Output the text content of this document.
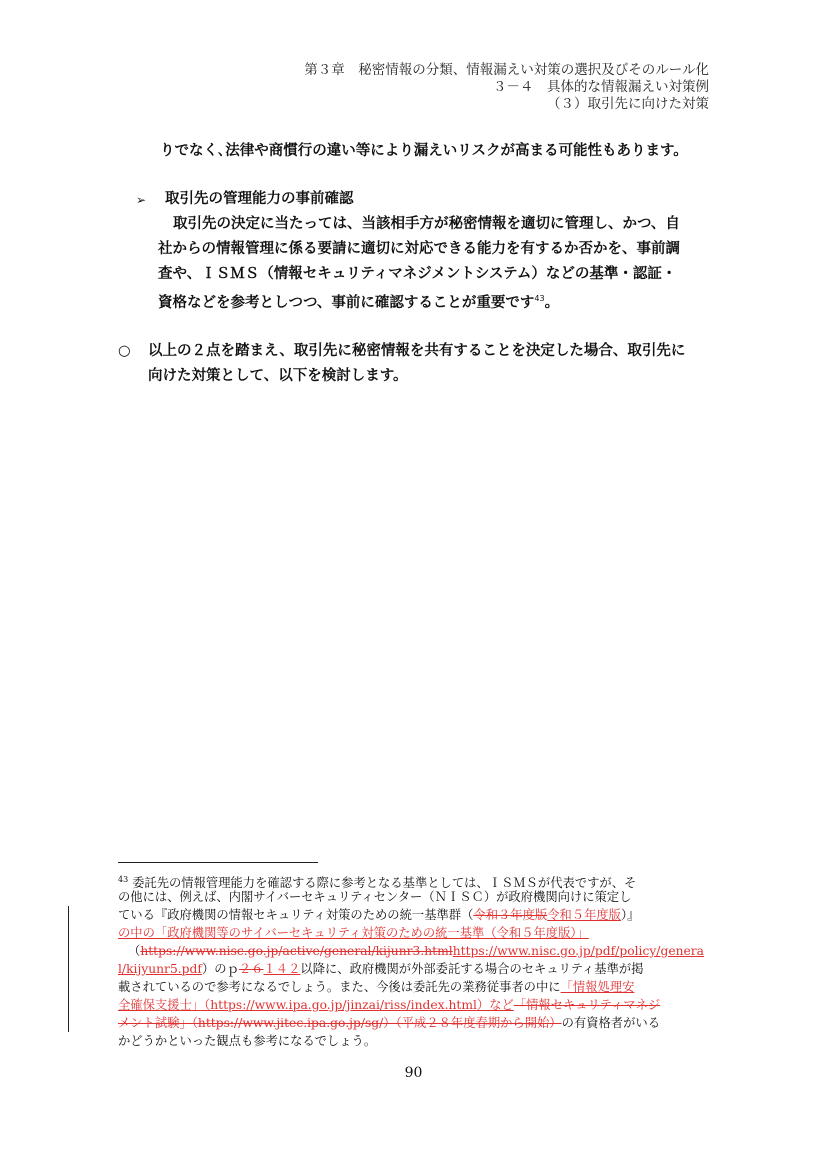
第３章　秘密情報の分類、情報漏えい対策の選択及びそのルール化
３－４　具体的な情報漏えい対策例
（３）取引先に向けた対策
りでなく､法律や商慣行の違い等により漏えいリスクが高まる可能性もあります。
➢ 取引先の管理能力の事前確認
取引先の決定に当たっては、当該相手方が秘密情報を適切に管理し、かつ、自
社からの情報管理に係る要請に適切に対応できる能力を有するか否かを、事前調
査や、ＩＳＭＳ（情報セキュリティマネジメントシステム）などの基準・認証・
資格などを参考としつつ、事前に確認することが重要です$^{43}$。
○ 以上の２点を踏まえ、取引先に秘密情報を共有することを決定した場合、取引先に
向けた対策として、以下を検討します。
$^{43}$ 委託先の情報管理能力を確認する際に参考となる基準としては、ＩＳＭＳが代表ですが、そ
の他には、例えば、内閣サイバーセキュリティセンター（ＮＩＳＣ）が政府機関向けに策定し
ている『政府機関の情報セキュリティ対策のための統一基準群（令和３年度版令和５年度版）』
の中の「政府機関等のサイバーセキュリティ対策のための統一基準（令和５年度版）」
（https://www.nisc.go.jp/active/general/kijunr3.htmlhttps://www.nisc.go.jp/pdf/policy/genera
l/kijyunr5.pdf）のｐ２６１４２以降に、政府機関が外部委託する場合のセキュリティ基準が掲
載されているので参考になるでしょう。また、今後は委託先の業務従事者の中に「情報処理安
全確保支援士」（https://www.ipa.go.jp/jinzai/riss/index.html）など「情報セキュリティマネジ
メント試験」（https://www.jitec.ipa.go.jp/sg/）（平成２８年度春期から開始）の有資格者がいる
かどうかといった観点も参考になるでしょう。
90
